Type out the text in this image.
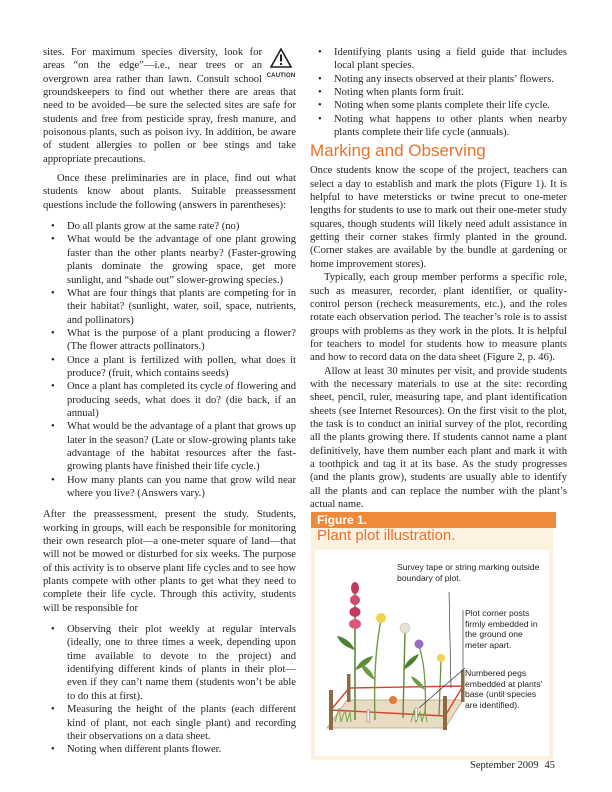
CAUTION

sites. For maximum species diversity, look for areas “on the edge”—i.e., near trees or an overgrown area rather than lawn. Consult school groundskeepers to find out whether there are areas that need to be avoided—be sure the selected sites are safe for students and free from pesticide spray, fresh manure, and poisonous plants, such as poison ivy. In addition, be aware of student allergies to pollen or bee stings and take appropriate precautions.

Once these preliminaries are in place, find out what students know about plants. Suitable preassessment questions include the following (answers in parentheses):

• Do all plants grow at the same rate? (no)
• What would be the advantage of one plant growing faster than the other plants nearby? (Faster-growing plants dominate the growing space, get more sunlight, and “shade out” slower-growing species.)
• What are four things that plants are competing for in their habitat? (sunlight, water, soil, space, nutrients, and pollinators)
• What is the purpose of a plant producing a flower? (The flower attracts pollinators.)
• Once a plant is fertilized with pollen, what does it produce? (fruit, which contains seeds)
• Once a plant has completed its cycle of flowering and producing seeds, what does it do? (die back, if an annual)
• What would be the advantage of a plant that grows up later in the season? (Late or slow-growing plants take advantage of the habitat resources after the fast-growing plants have finished their life cycle.)
• How many plants can you name that grow wild near where you live? (Answers vary.)

After the preassessment, present the study. Students, working in groups, will each be responsible for monitoring their own research plot—a one-meter square of land—that will not be mowed or disturbed for six weeks. The purpose of this activity is to observe plant life cycles and to see how plants compete with other plants to get what they need to complete their life cycle. Through this activity, students will be responsible for

• Observing their plot weekly at regular intervals (ideally, one to three times a week, depending upon time available to devote to the project) and identifying different kinds of plants in their plot—even if they can’t name them (students won’t be able to do this at first).
• Measuring the height of the plants (each different kind of plant, not each single plant) and recording their observations on a data sheet.
• Noting when different plants flower.
• Identifying plants using a field guide that includes local plant species.
• Noting any insects observed at their plants’ flowers.
• Noting when plants form fruit.
• Noting when some plants complete their life cycle.
• Noting what happens to other plants when nearby plants complete their life cycle (annuals).
Marking and Observing

Once students know the scope of the project, teachers can select a day to establish and mark the plots (Figure 1). It is helpful to have metersticks or twine precut to one-meter lengths for students to use to mark out their one-meter study squares, though students will likely need adult assistance in getting their corner stakes firmly planted in the ground. (Corner stakes are available by the bundle at gardening or home improvement stores).

Typically, each group member performs a specific role, such as measurer, recorder, plant identifier, or quality-control person (recheck measurements, etc.), and the roles rotate each observation period. The teacher’s role is to assist groups with problems as they work in the plots. It is helpful for teachers to model for students how to measure plants and how to record data on the data sheet (Figure 2, p. 46).

Allow at least 30 minutes per visit, and provide students with the necessary materials to use at the site: recording sheet, pencil, ruler, measuring tape, and plant identification sheets (see Internet Resources). On the first visit to the plot, the task is to conduct an initial survey of the plot, recording all the plants growing there. If students cannot name a plant definitively, have them number each plant and mark it with a toothpick and tag it at its base. As the study progresses (and the plants grow), students are usually able to identify all the plants and can replace the number with the plant’s actual name.

Figure 1.
Plant plot illustration.
Survey tape or string marking outside boundary of plot.
Plot corner posts firmly embedded in the ground one meter apart.
Numbered pegs embedded at plants’ base (until species are identified).
September 2009 45
